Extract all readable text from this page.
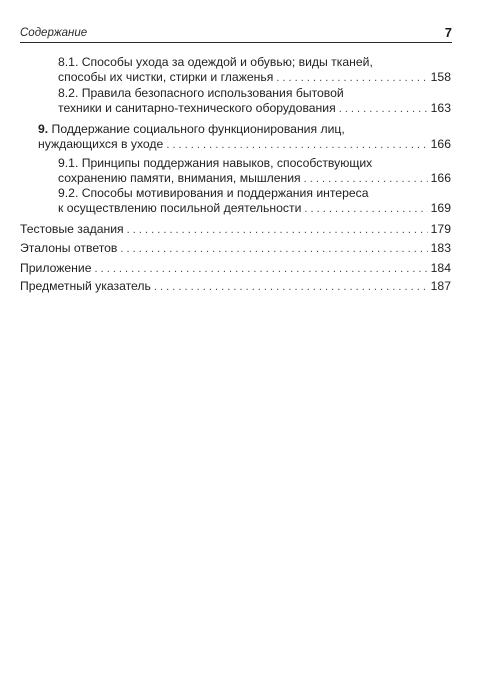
Содержание	7
8.1. Способы ухода за одеждой и обувью; виды тканей,
способы их чистки, стирки и глаженья . . .	158
8.2. Правила безопасного использования бытовой
техники и санитарно-технического оборудования . . .	163
9. Поддержание социального функционирования лиц,
нуждающихся в уходе . . .	166
9.1. Принципы поддержания навыков, способствующих
сохранению памяти, внимания, мышления . . .	166
9.2. Способы мотивирования и поддержания интереса
к осуществлению посильной деятельности . . .	169
Тестовые задания . . .	179
Эталоны ответов . . .	183
Приложение . . .	184
Предметный указатель . . .	187
